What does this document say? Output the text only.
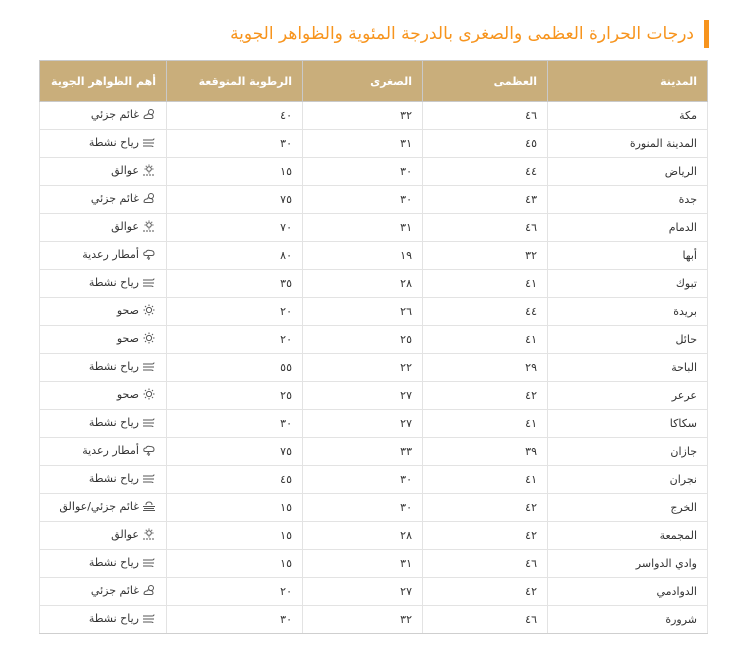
درجات الحرارة العظمى والصغرى بالدرجة المئوية والظواهر الجوية
المدينة	العظمى	الصغرى	الرطوبة المتوقعة	أهم الظواهر الجوية
مكة	٤٦	٣٢	٤٠	غائم جزئي

المدينة المنورة	٤٥	٣١	٣٠	رياح نشطة

الرياض	٤٤	٣٠	١٥	عوالق

جدة	٤٣	٣٠	٧٥	غائم جزئي

الدمام	٤٦	٣١	٧٠	عوالق

أبها	٣٢	١٩	٨٠	أمطار رعدية

تبوك	٤١	٢٨	٣٥	رياح نشطة

بريدة	٤٤	٢٦	٢٠	صحو

حائل	٤١	٢٥	٢٠	صحو

الباحة	٢٩	٢٢	٥٥	رياح نشطة

عرعر	٤٢	٢٧	٢٥	صحو

سكاكا	٤١	٢٧	٣٠	رياح نشطة

جازان	٣٩	٣٣	٧٥	أمطار رعدية

نجران	٤١	٣٠	٤٥	رياح نشطة

الخرج	٤٢	٣٠	١٥	غائم جزئي/عوالق

المجمعة	٤٢	٢٨	١٥	عوالق

وادي الدواسر	٤٦	٣١	١٥	رياح نشطة

الدوادمي	٤٢	٢٧	٢٠	غائم جزئي

شرورة	٤٦	٣٢	٣٠	رياح نشطة
